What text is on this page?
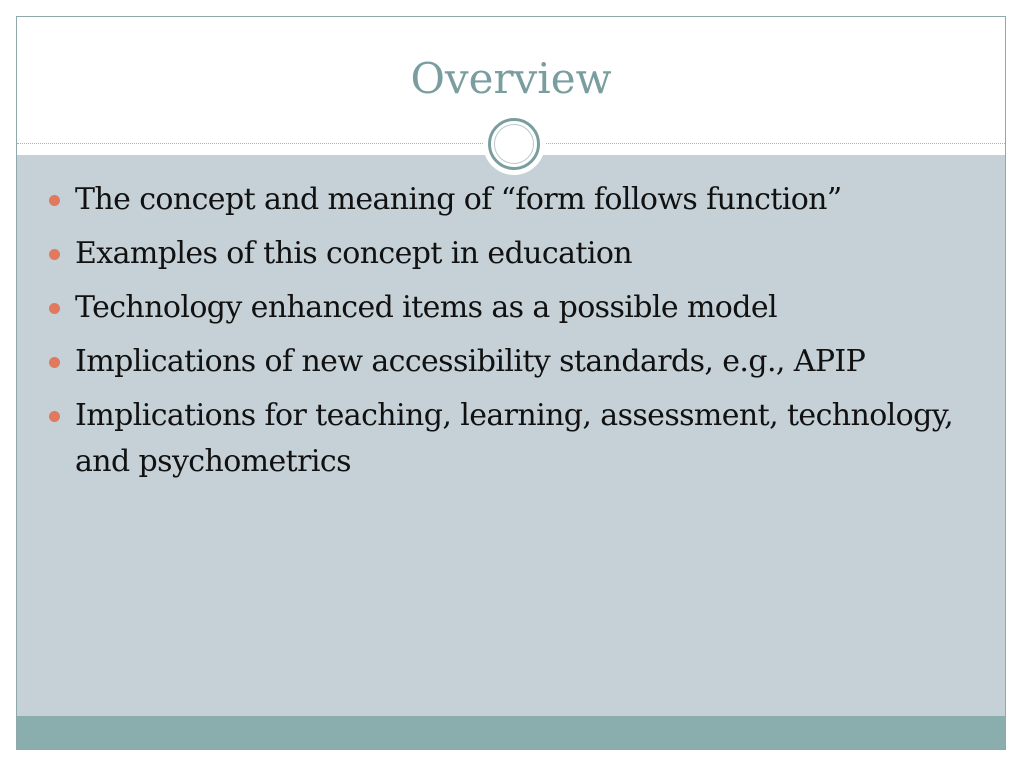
Overview
The concept and meaning of “form follows function”
Examples of this concept in education
Technology enhanced items as a possible model
Implications of new accessibility standards, e.g., APIP
Implications for teaching, learning, assessment, technology, and psychometrics
